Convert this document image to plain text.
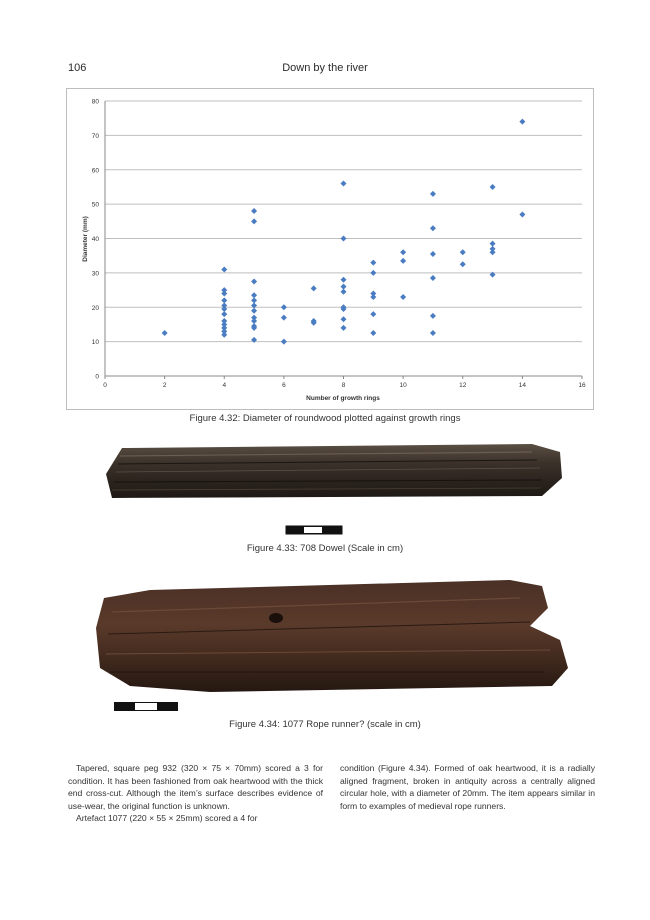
106	Down by the river
0
10
20
30
40
50
60
70
80
0	2	4	6	8	10	12	14	16
Number of growth rings
Diameter (mm)
Figure 4.32: Diameter of roundwood plotted against growth rings
Figure 4.33: 708 Dowel (Scale in cm)
Figure 4.34: 1077 Rope runner? (scale in cm)

Tapered, square peg 932 (320 × 75 × 70mm) scored a 3 for condition. It has been fashioned from oak heartwood with the thick end cross-cut. Although the item’s surface describes evidence of use-wear, the original function is unknown.

Artefact 1077 (220 × 55 × 25mm) scored a 4 for

condition (Figure 4.34). Formed of oak heartwood, it is a radially aligned fragment, broken in antiquity across a centrally aligned circular hole, with a diameter of 20mm. The item appears similar in form to examples of medieval rope runners.
